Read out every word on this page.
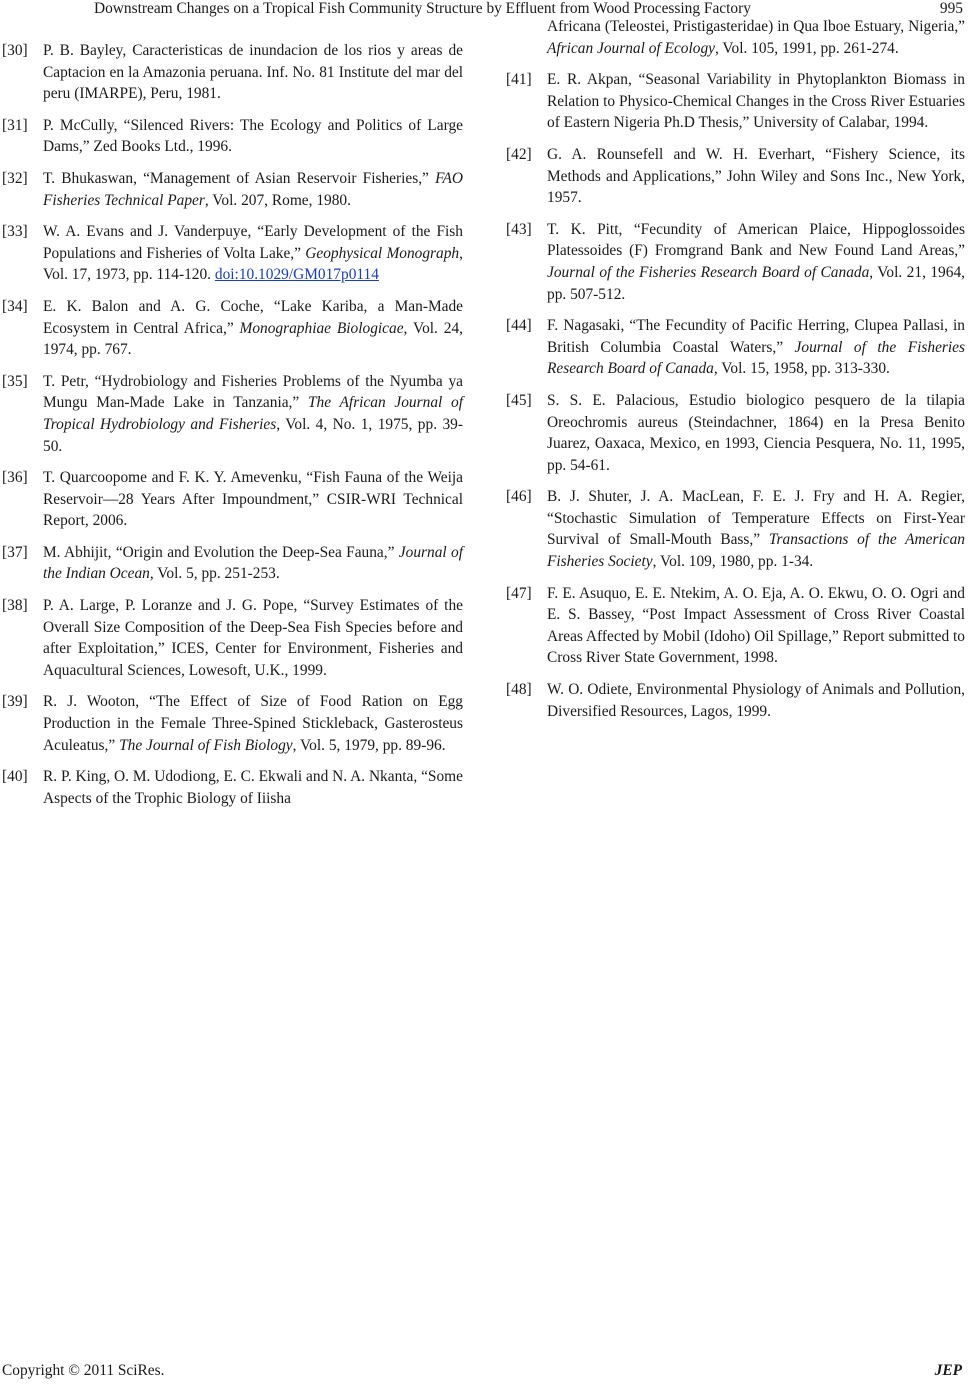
Downstream Changes on a Tropical Fish Community Structure by Effluent from Wood Processing Factory	995
[30] P. B. Bayley, Caracteristicas de inundacion de los rios y areas de Captacion en la Amazonia peruana. Inf. No. 81 Institute del mar del peru (IMARPE), Peru, 1981.
[31] P. McCully, “Silenced Rivers: The Ecology and Politics of Large Dams,” Zed Books Ltd., 1996.
[32] T. Bhukaswan, “Management of Asian Reservoir Fisheries,” FAO Fisheries Technical Paper, Vol. 207, Rome, 1980.
[33] W. A. Evans and J. Vanderpuye, “Early Development of the Fish Populations and Fisheries of Volta Lake,” Geophysical Monograph, Vol. 17, 1973, pp. 114-120. doi:10.1029/GM017p0114
[34] E. K. Balon and A. G. Coche, “Lake Kariba, a Man-Made Ecosystem in Central Africa,” Monographiae Biologicae, Vol. 24, 1974, pp. 767.
[35] T. Petr, “Hydrobiology and Fisheries Problems of the Nyumba ya Mungu Man-Made Lake in Tanzania,” The African Journal of Tropical Hydrobiology and Fisheries, Vol. 4, No. 1, 1975, pp. 39-50.
[36] T. Quarcoopome and F. K. Y. Amevenku, “Fish Fauna of the Weija Reservoir—28 Years After Impoundment,” CSIR-WRI Technical Report, 2006.
[37] M. Abhijit, “Origin and Evolution the Deep-Sea Fauna,” Journal of the Indian Ocean, Vol. 5, pp. 251-253.
[38] P. A. Large, P. Loranze and J. G. Pope, “Survey Estimates of the Overall Size Composition of the Deep-Sea Fish Species before and after Exploitation,” ICES, Center for Environment, Fisheries and Aquacultural Sciences, Lowesoft, U.K., 1999.
[39] R. J. Wooton, “The Effect of Size of Food Ration on Egg Production in the Female Three-Spined Stickleback, Gasterosteus Aculeatus,” The Journal of Fish Biology, Vol. 5, 1979, pp. 89-96.
[40] R. P. King, O. M. Udodiong, E. C. Ekwali and N. A. Nkanta, “Some Aspects of the Trophic Biology of Iiisha
Africana (Teleostei, Pristigasteridae) in Qua Iboe Estuary, Nigeria,” African Journal of Ecology, Vol. 105, 1991, pp. 261-274.
[41] E. R. Akpan, “Seasonal Variability in Phytoplankton Biomass in Relation to Physico-Chemical Changes in the Cross River Estuaries of Eastern Nigeria Ph.D Thesis,” University of Calabar, 1994.
[42] G. A. Rounsefell and W. H. Everhart, “Fishery Science, its Methods and Applications,” John Wiley and Sons Inc., New York, 1957.
[43] T. K. Pitt, “Fecundity of American Plaice, Hippoglossoides Platessoides (F) Fromgrand Bank and New Found Land Areas,” Journal of the Fisheries Research Board of Canada, Vol. 21, 1964, pp. 507-512.
[44] F. Nagasaki, “The Fecundity of Pacific Herring, Clupea Pallasi, in British Columbia Coastal Waters,” Journal of the Fisheries Research Board of Canada, Vol. 15, 1958, pp. 313-330.
[45] S. S. E. Palacious, Estudio biologico pesquero de la tilapia Oreochromis aureus (Steindachner, 1864) en la Presa Benito Juarez, Oaxaca, Mexico, en 1993, Ciencia Pesquera, No. 11, 1995, pp. 54-61.
[46] B. J. Shuter, J. A. MacLean, F. E. J. Fry and H. A. Regier, “Stochastic Simulation of Temperature Effects on First-Year Survival of Small-Mouth Bass,” Transactions of the American Fisheries Society, Vol. 109, 1980, pp. 1-34.
[47] F. E. Asuquo, E. E. Ntekim, A. O. Eja, A. O. Ekwu, O. O. Ogri and E. S. Bassey, “Post Impact Assessment of Cross River Coastal Areas Affected by Mobil (Idoho) Oil Spillage,” Report submitted to Cross River State Government, 1998.
[48] W. O. Odiete, Environmental Physiology of Animals and Pollution, Diversified Resources, Lagos, 1999.
Copyright © 2011 SciRes.	JEP
